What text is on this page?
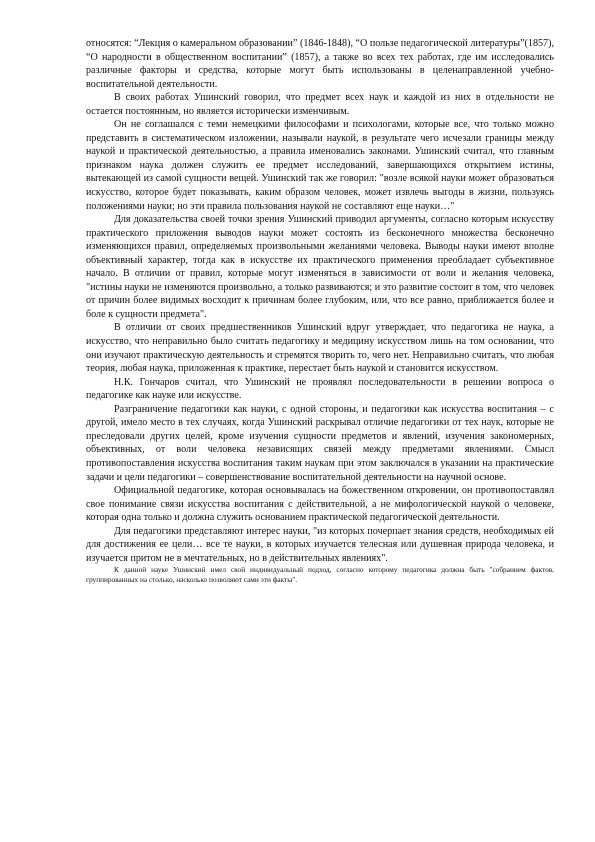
относятся: “Лекция о камеральном образовании” (1846-1848), “О пользе педагогической литературы”(1857), “О народности в общественном воспитании” (1857), а также во всех тех работах, где им исследовались различные факторы и средства, которые могут быть использованы в целенаправленной учебно-воспитательной деятельности.

В своих работах Ушинский говорил, что предмет всех наук и каждой из них в отдельности не остается постоянным, но является исторически изменчивым.

Он не соглашался с теми немецкими философами и психологами, которые все, что только можно представить в систематическом изложении, называли наукой, в результате чего исчезали границы между наукой и практической деятельностью, а правила именовались законами. Ушинский считал, что главным признаком наука должен служить ее предмет исследований, завершающихся открытием истины, вытекающей из самой сущности вещей. Ушинский так же говорил: "возле всякой науки может образоваться искусство, которое будет показывать, каким образом человек, может извлечь выгоды в жизни, пользуясь положениями науки; но эти правила пользования наукой не составляют еще науки…"

Для доказательства своей точки зрения Ушинский приводил аргументы, согласно которым искусству практического приложения выводов науки может состоять из бесконечного множества бесконечно изменяющихся правил, определяемых произвольными желаниями человека. Выводы науки имеют вполне объективный характер, тогда как в искусстве их практического применения преобладает субъективное начало. В отличии от правил, которые могут изменяться в зависимости от воли и желания человека, "истины науки не изменяются произвольно, а только развиваются; и это развитие состоит в том, что человек от причин более видимых восходит к причинам более глубоким, или, что все равно, приближается более и боле к сущности предмета".

В отличии от своих предшественников Ушинский вдруг утверждает, что педагогика не наука, а искусство, что неправильно было считать педагогику и медицину искусством лишь на том основании, что они изучают практическую деятельность и стремятся творить то, чего нет. Неправильно считать, что любая теория, любая наука, приложенная к практике, перестает быть наукой и становится искусством.

Н.К. Гончаров считал, что Ушинский не проявлял последовательности в решении вопроса о педагогике как науке или искусстве.

Разграничение педагогики как науки, с одной стороны, и педагогики как искусства воспитания – с другой, имело место в тех случаях, когда Ушинский раскрывал отличие педагогики от тех наук, которые не преследовали других целей, кроме изучения сущности предметов и явлений, изучения закономерных, объективных, от воли человека независящих связей между предметами явлениями. Смысл противопоставления искусства воспитания таким наукам при этом заключался в указании на практические задачи и цели педагогики – совершенствование воспитательной деятельности на научной основе.

Официальной педагогике, которая основывалась на божественном откровении, он противопоставлял свое понимание связи искусства воспитания с действительной, а не мифологической наукой о человеке, которая одна только и должна служить основанием практической педагогической деятельности.

Для педагогики представляют интерес науки, "из которых почерпает знания средств, необходимых ей для достижения ее цели… все те науки, в которых изучается телесная или душевная природа человека, и изучается притом не в мечтательных, но в действительных явлениях".

К данной науке Ушинский имел свой индивидуальный подход, согласно которому педагогика должна быть "собранием фактов, группированных на столько, насколько позволяют сами эти факты".
